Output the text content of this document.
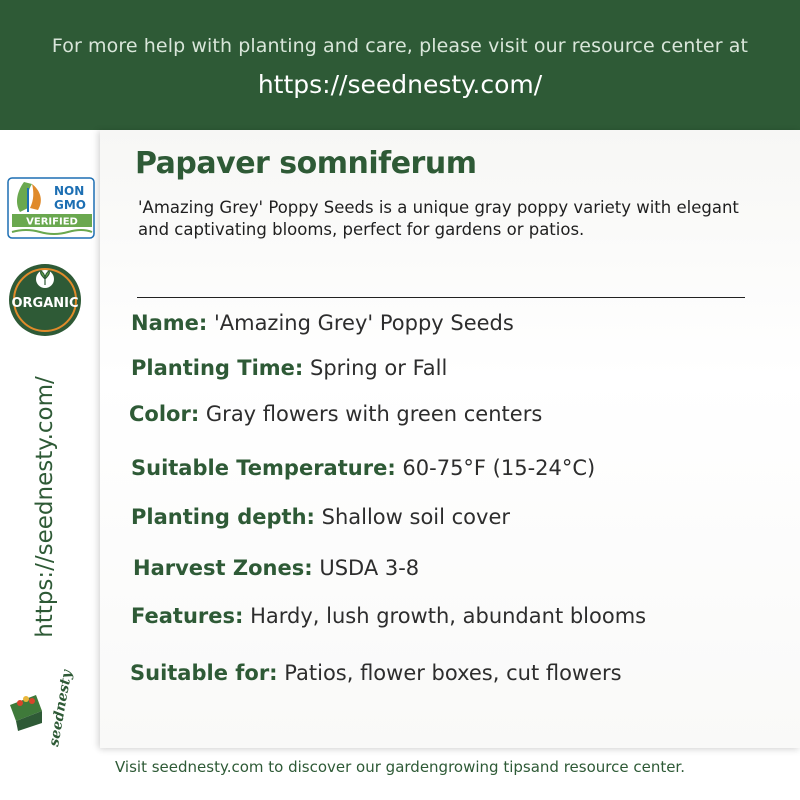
For more help with planting and care, please visit our resource center at
https://seednesty.com/
NON
GMO
VERIFIED
ORGANIC
https://seednesty.com/
seednesty
Papaver somniferum
'Amazing Grey' Poppy Seeds is a unique gray poppy variety with elegant and captivating blooms, perfect for gardens or patios.
Name: 'Amazing Grey' Poppy Seeds
Planting Time: Spring or Fall
Color: Gray flowers with green centers
Suitable Temperature: 60-75°F (15-24°C)
Planting depth: Shallow soil cover
Harvest Zones: USDA 3-8
Features: Hardy, lush growth, abundant blooms
Suitable for: Patios, flower boxes, cut flowers
Visit seednesty.com to discover our gardengrowing tipsand resource center.
